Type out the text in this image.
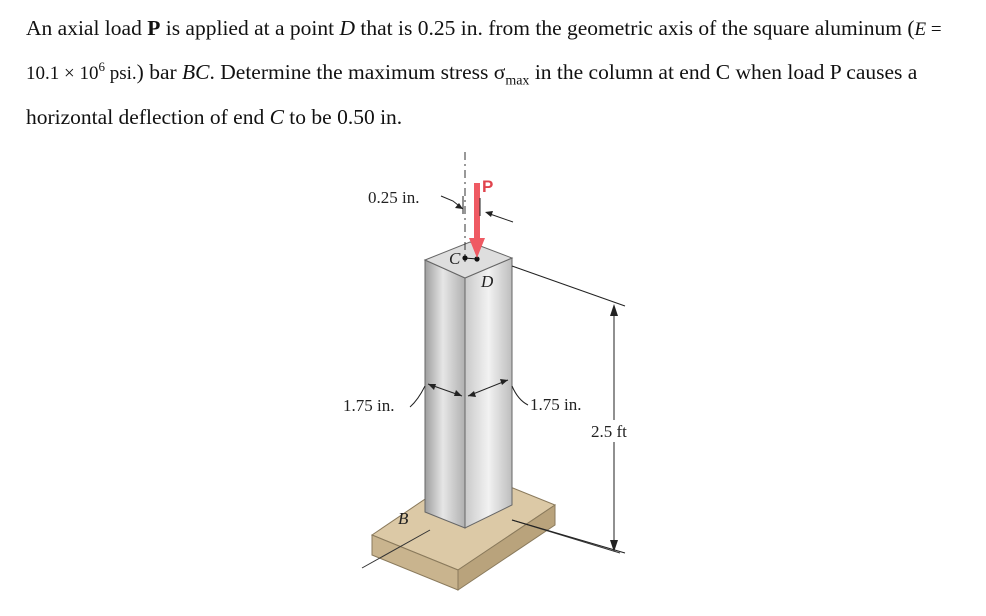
An axial load P is applied at a point D that is 0.25 in. from the geometric axis of the square aluminum ($E = 10.1 \times 10^6$ psi.) bar BC. Determine the maximum stress $\sigma_{max}$ in the column at end C when load P causes a horizontal deflection of end C to be 0.50 in.
P
0.25 in.
C
D
B
1.75 in.	1.75 in.
2.5 ft
